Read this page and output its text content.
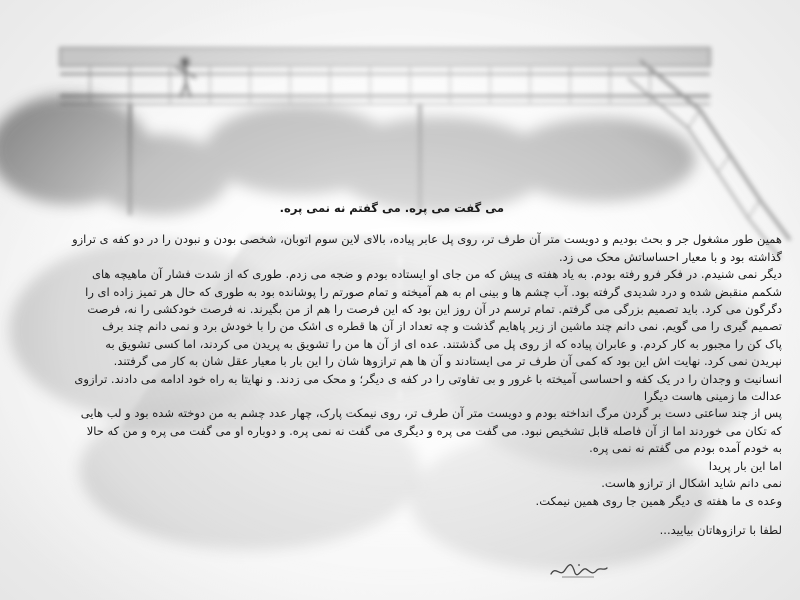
می گفت می پره. می گفتم نه نمی پره.
همین طور مشغول جر و بحث بودیم و دویست متر آن طرف تر، روی پل عابر پیاده، بالای لاین سوم اتوبان، شخصی بودن و نبودن را در دو کفه ی ترازو
گذاشته بود و با معیار احساساتش محک می زد.
دیگر نمی شنیدم. در فکر فرو رفته بودم. به یاد هفته ی پیش که من جای او ایستاده بودم و ضجه می زدم. طوری که از شدت فشار آن ماهیچه های
شکمم منقبض شده و درد شدیدی گرفته بود. آب چشم ها و بینی ام به هم آمیخته و تمام صورتم را پوشانده بود به طوری که حال هر تمیز زاده ای را
دگرگون می کرد. باید تصمیم بزرگی می گرفتم. تمام ترسم در آن روز این بود که این فرصت را هم از من بگیرند. نه فرصت خودکشی را نه، فرصت
تصمیم گیری را می گویم. نمی دانم چند ماشین از زیر پاهایم گذشت و چه تعداد از آن ها قطره ی اشک من را با خودش برد و نمی دانم چند برف
پاک کن را مجبور به کار کردم. و عابران پیاده که از روی پل می گذشتند. عده ای از آن ها من را تشویق به پریدن می کردند، اما کسی تشویق به
نپریدن نمی کرد. نهایت اش این بود که کمی آن طرف تر می ایستادند و آن ها هم ترازوها شان را این بار با معیار عقل شان به کار می گرفتند.
انسانیت و وجدان را در یک کفه و احساسی آمیخته با غرور و بی تفاوتی را در کفه ی دیگر؛ و محک می زدند. و نهایتا به راه خود ادامه می دادند. ترازوی
عدالت ما زمینی هاست دیگرا
پس از چند ساعتی دست بر گردن مرگ انداخته بودم و دویست متر آن طرف تر، روی نیمکت پارک، چهار عدد چشم به من دوخته شده بود و لب هایی
که تکان می خوردند اما از آن فاصله قابل تشخیص نبود. می گفت می پره و دیگری می گفت نه نمی پره. و دوباره او می گفت می پره و من که حالا
به خودم آمده بودم می گفتم نه نمی پره.
اما این بار پریدا
نمی دانم شاید اشکال از ترازو هاست.
وعده ی ما هفته ی دیگر همین جا روی همین نیمکت.
لطفا با ترازوهاتان بیایید...
